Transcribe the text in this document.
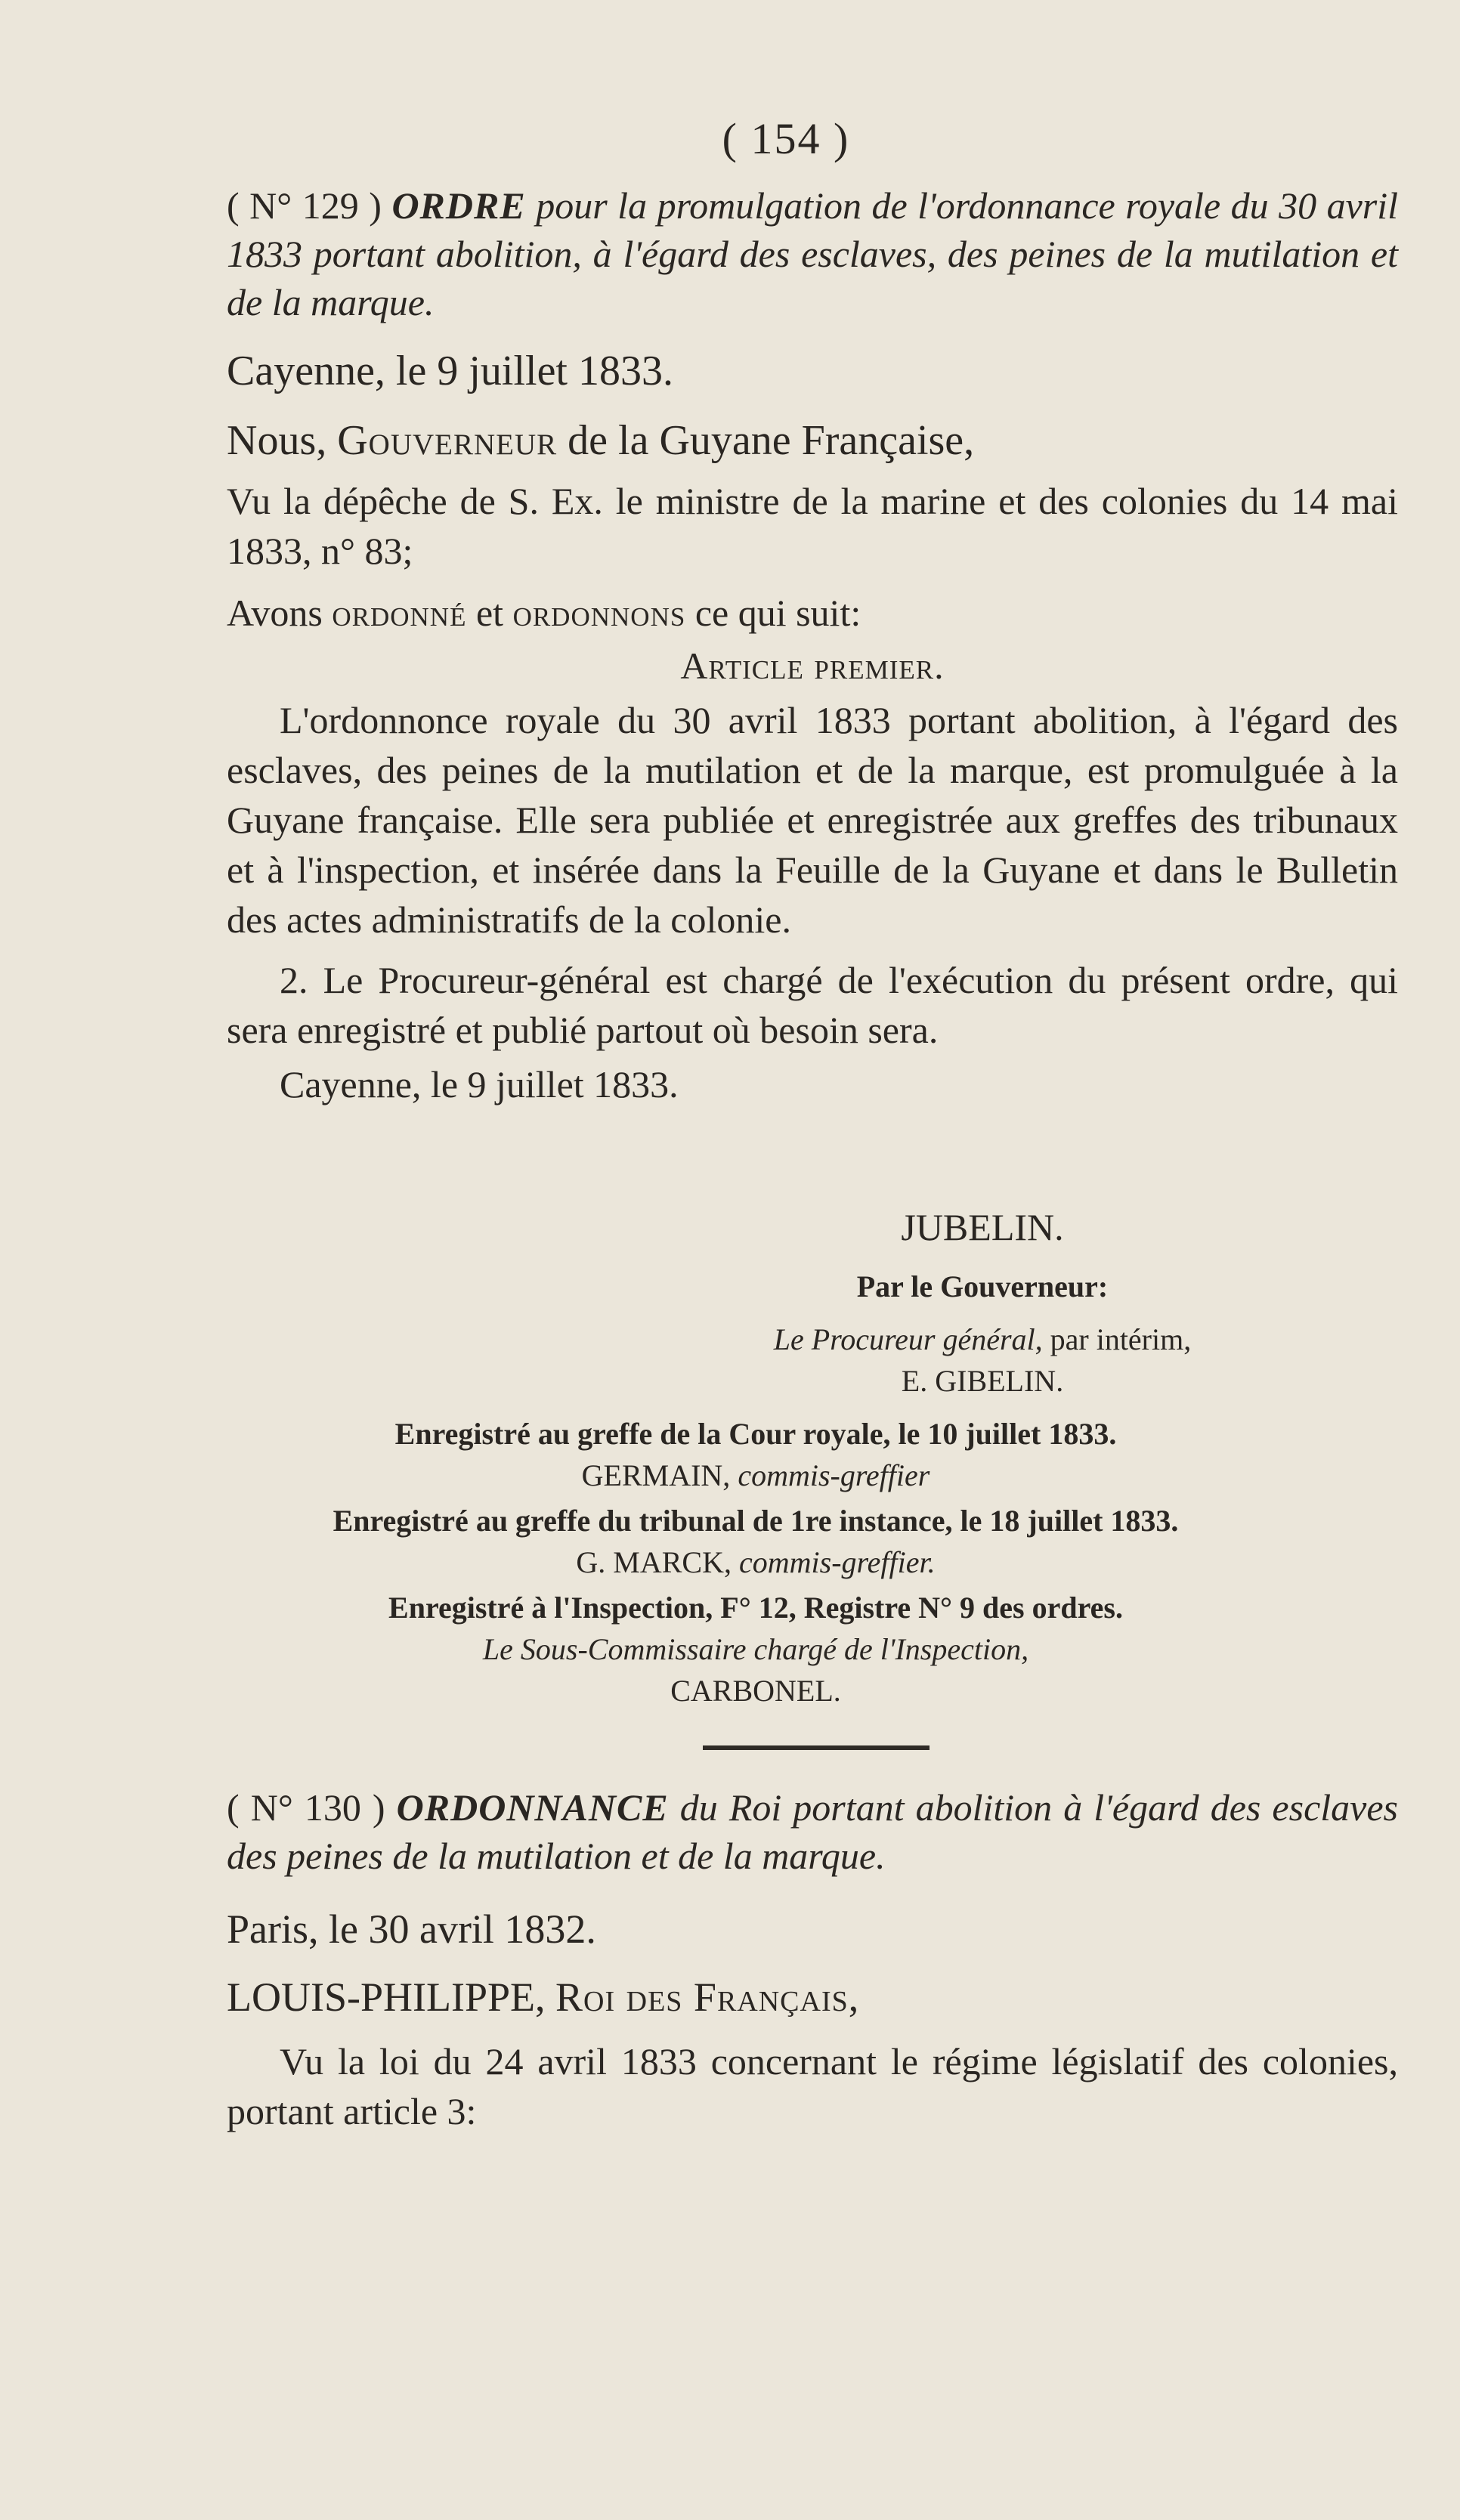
( 154 )

( N° 129 ) ORDRE pour la promulgation de l'ordonnance royale du 30 avril 1833 portant abolition, à l'égard des esclaves, des peines de la mutilation et de la marque.

Cayenne, le 9 juillet 1833.
Nous, Gouverneur de la Guyane Française,

Vu la dépêche de S. Ex. le ministre de la marine et des colonies du 14 mai 1833, n° 83;

Avons ordonné et ordonnons ce qui suit:

Article premier.

L'ordonnonce royale du 30 avril 1833 portant abolition, à l'égard des esclaves, des peines de la mutilation et de la marque, est promulguée à la Guyane française. Elle sera publiée et enregistrée aux greffes des tribunaux et à l'inspection, et insérée dans la Feuille de la Guyane et dans le Bulletin des actes administratifs de la colonie.

2. Le Procureur-général est chargé de l'exécution du présent ordre, qui sera enregistré et publié partout où besoin sera.

Cayenne, le 9 juillet 1833.

JUBELIN.
Par le Gouverneur:
Le Procureur général, par intérim,
E. GIBELIN.
Enregistré au greffe de la Cour royale, le 10 juillet 1833.
GERMAIN, commis-greffier
Enregistré au greffe du tribunal de 1re instance, le 18 juillet 1833.
G. MARCK, commis-greffier.
Enregistré à l'Inspection, F° 12, Registre N° 9 des ordres.
Le Sous-Commissaire chargé de l'Inspection,
CARBONEL.

( N° 130 ) ORDONNANCE du Roi portant abolition à l'égard des esclaves des peines de la mutilation et de la marque.

Paris, le 30 avril 1832.
LOUIS-PHILIPPE, Roi des Français,
Vu la loi du 24 avril 1833 concernant le régime législatif des colonies, portant article 3:
